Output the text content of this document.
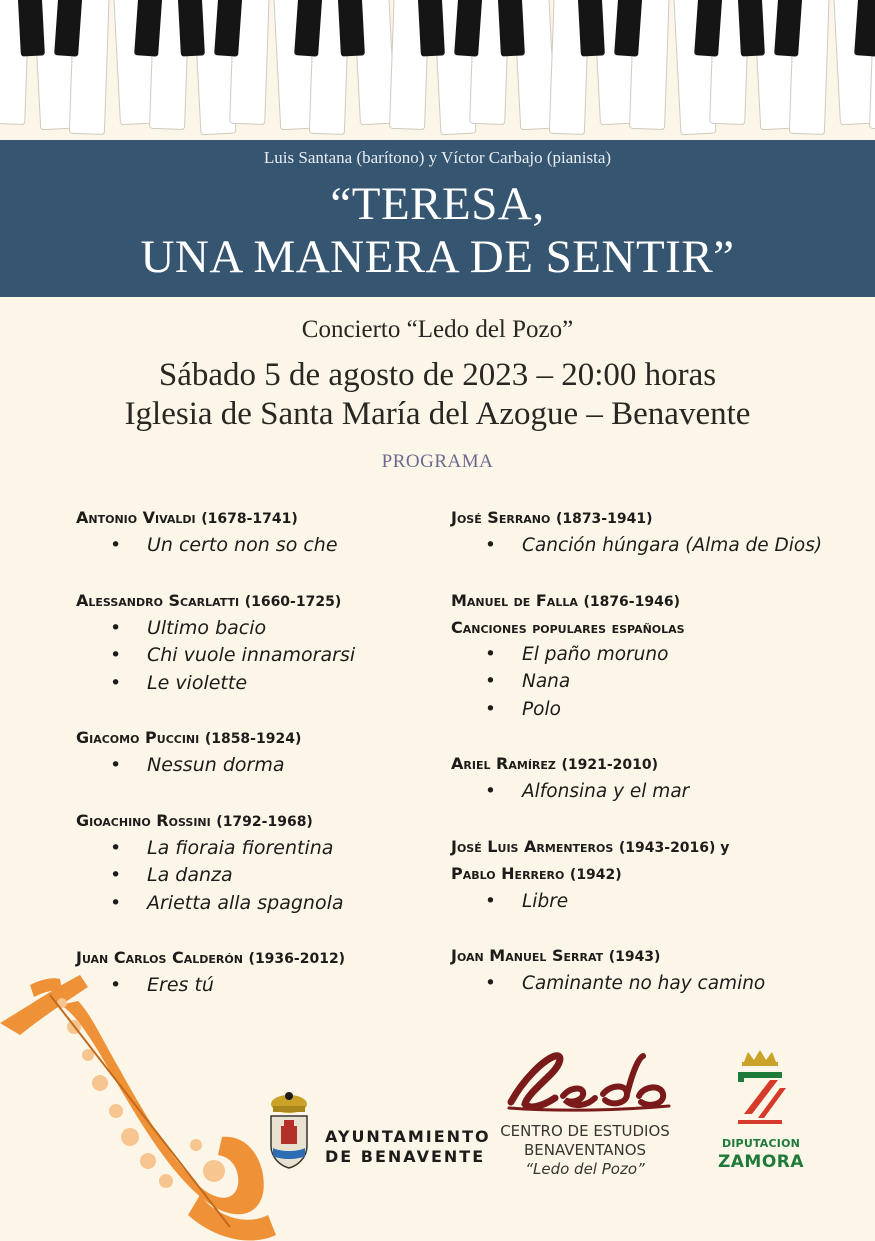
Luis Santana (barítono) y Víctor Carbajo (pianista)
“TERESA,
UNA MANERA DE SENTIR”
Concierto “Ledo del Pozo”
Sábado 5 de agosto de 2023 – 20:00 horas
Iglesia de Santa María del Azogue – Benavente
PROGRAMA
Antonio Vivaldi (1678-1741)
• Un certo non so che
Alessandro Scarlatti (1660-1725)
• Ultimo bacio
• Chi vuole innamorarsi
• Le violette
Giacomo Puccini (1858-1924)
• Nessun dorma
Gioachino Rossini (1792-1968)
• La fioraia fiorentina
• La danza
• Arietta alla spagnola
Juan Carlos Calderón (1936-2012)
• Eres tú
José Serrano (1873-1941)
• Canción húngara (Alma de Dios)
Manuel de Falla (1876-1946)
Canciones populares españolas
• El paño moruno
• Nana
• Polo
Ariel Ramírez (1921-2010)
• Alfonsina y el mar
José Luis Armenteros (1943-2016) y
Pablo Herrero (1942)
• Libre
Joan Manuel Serrat (1943)
• Caminante no hay camino
AYUNTAMIENTO
DE BENAVENTE
CENTRO DE ESTUDIOS
BENAVENTANOS
“Ledo del Pozo”
DIPUTACION
ZAMORA
